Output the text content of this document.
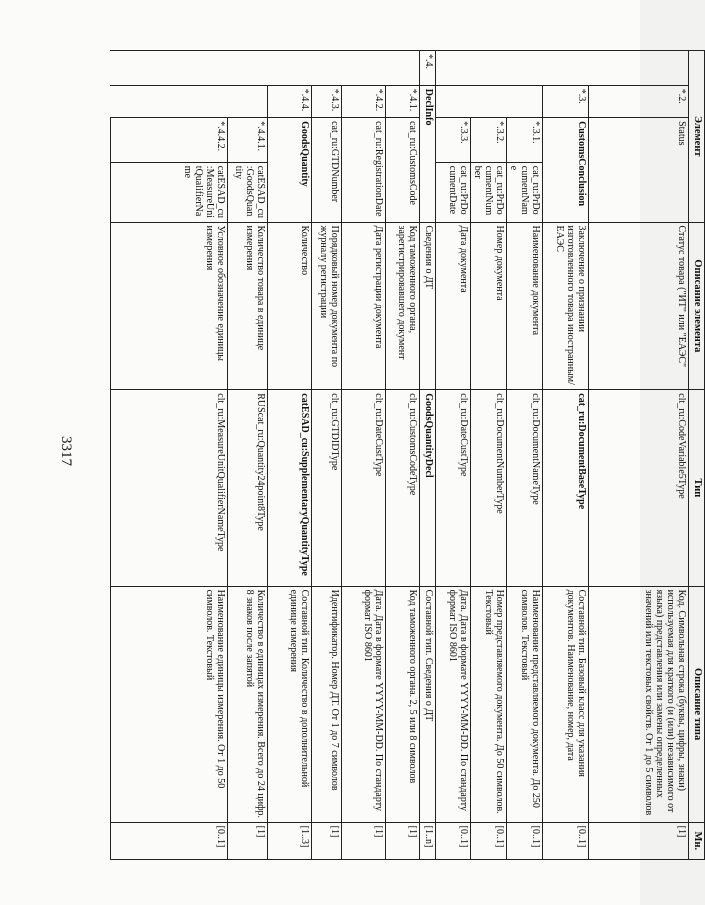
3317
Элемент				Описание элемента	Тип	Описание типа	Мн.
	*.2.	Status		Статус товара ("ИТ" или "ЕАЭС"	clt_ru:CodeVariable5Type	Код. Символьная строка (буквы, цифры, знаки) используемая для краткого (и (или) независимого от языка) представления или замены определенных значений или текстовых свойств. От 1 до 5 символов	[1]
	*.3.	CustomsConclusion		Заключение о признании изготовленного товара иностранным/ЕАЭС	cat_ru:DocumentBaseType	Составной тип. Базовый класс для указания документов. Наименование, номер, дата	[0..1]
		*.3.1.	cat_ru:PrDocumentName	Наименование документа	clt_ru:DocumentNameType	Наименование представляемого документа. До 250 символов. Текстовый	[0..1]
		*.3.2.	cat_ru:PrDocumentNumber	Номер документа	clt_ru:DocumentNumberType	Номер представляемого документа. До 50 символов. Текстовый	[0..1]
		*.3.3.	cat_ru:PrDocumentDate	Дата документа	clt_ru:DateCustType	Дата. Дата в формате YYYY-MM-DD. По стандарту формат ISO 8601	[0..1]
*.4.	DeclInfo			Сведения о ДТ	GoodsQuantityDecl	Составной тип. Сведения о ДТ	[1..n]
	*.4.1.	cat_ru:CustomsCode		Код таможенного органа, зарегистрировавшего документ	clt_ru:CustomsCodeType	Код таможенного органа. 2, 5 или 8 символов	[1]
	*.4.2.	cat_ru:RegistrationDate		Дата регистрации документа	clt_ru:DateCustType	Дата. Дата в формате YYYY-MM-DD. По стандарту формат ISO 8601	[1]
	*.4.3.	cat_ru:GTDNumber		Порядковый номер документа по журналу регистрации	clt_ru:GTDIDType	Идентификатор. Номер ДТ. От 1 до 7 символов	[1]
	*.4.4.	GoodsQuantity		Количество	catESAD_cu:SupplementaryQuantityType	Составной тип. Количество в дополнительной единице измерения	[1..3]
		*.4.4.1.	catESAD_cu:GoodsQuantity	Количество товара в единице измерения	RUScat_ru:Quantity24point8Type	Количество в единицах измерения. Всего до 24 цифр. 8 знаков после запятой	[1]
		*.4.4.2.	catESAD_cu:MeasureUnitQualifierName	Условное обозначение единицы измерения	clt_ru:MeasureUnitQualifierNameType	Наименование единицы измерения. От 1 до 50 символов. Текстовый	[0..1]
